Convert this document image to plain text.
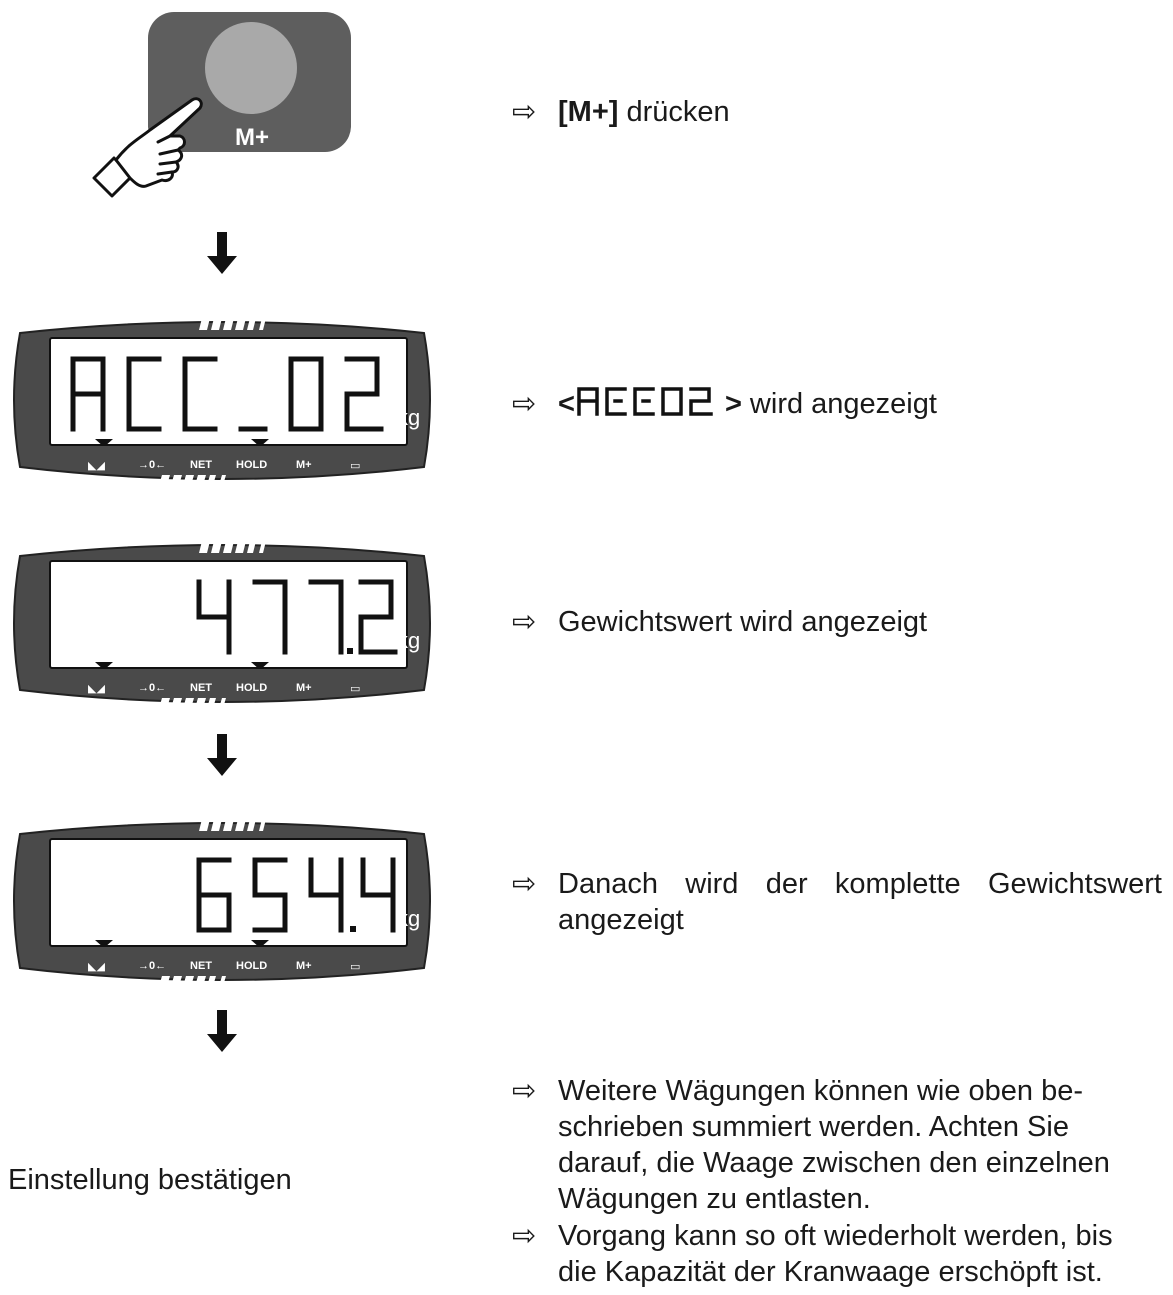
M+
kg
◣◢	→0← NET HOLD	M+	▭
kg
◣◢	→0← NET HOLD	M+	▭
kg
◣◢	→0← NET HOLD	M+	▭
⇨ [M+] drücken
⇨ <	> wird angezeigt
⇨ Gewichtswert wird angezeigt
⇨ Danach wird der komplette Gewichtswert
angezeigt
⇨ Weitere Wägungen können wie oben be-
schrieben summiert werden. Achten Sie
darauf, die Waage zwischen den einzelnen
Wägungen zu entlasten.
⇨ Vorgang kann so oft wiederholt werden, bis
die Kapazität der Kranwaage erschöpft ist.
Einstellung bestätigen
